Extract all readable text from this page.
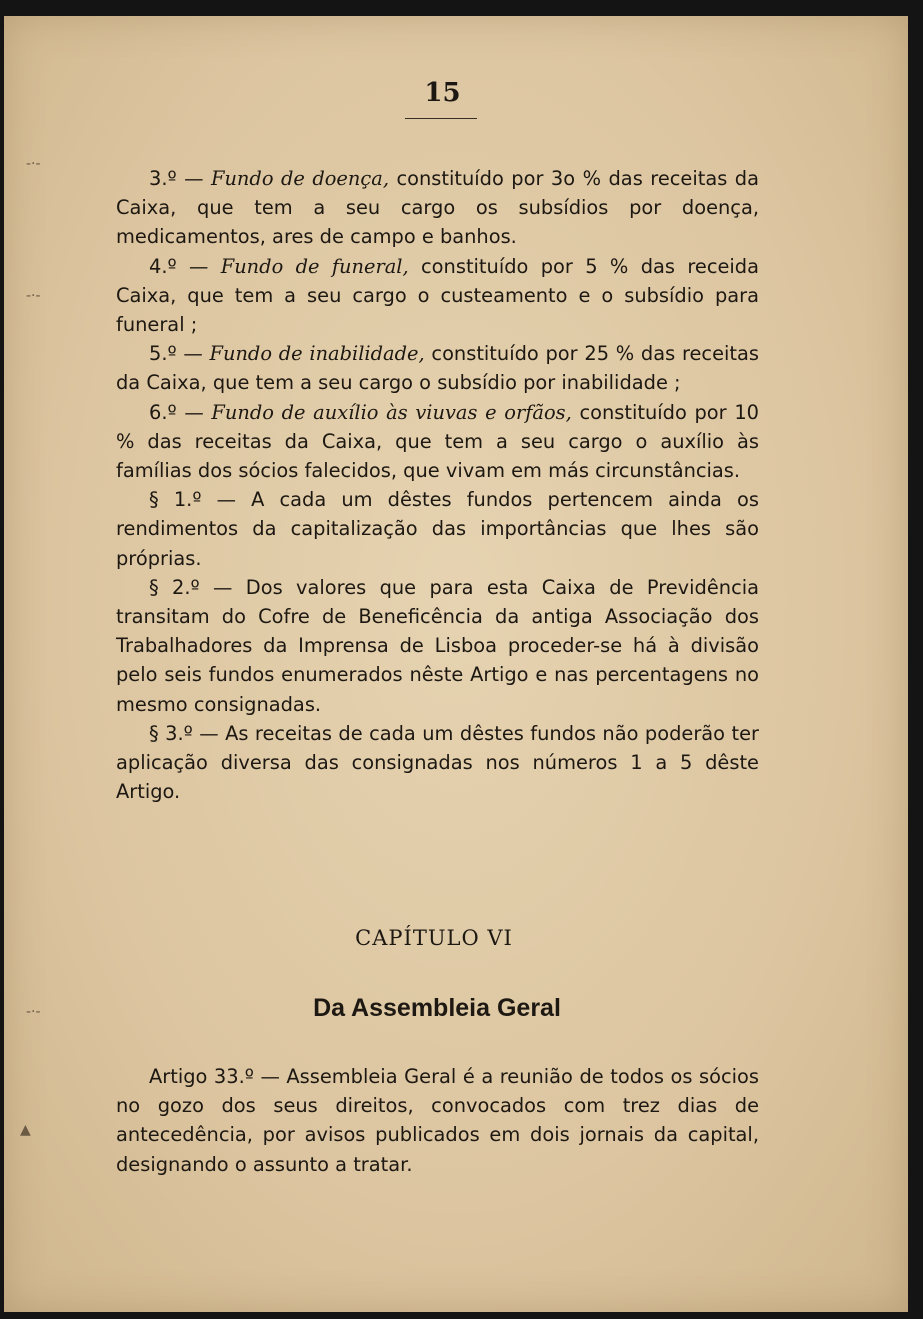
15

3.º — Fundo de doença, constituído por 3o % das receitas da Caixa, que tem a seu cargo os subsídios por doença, medicamentos, ares de campo e banhos.

4.º — Fundo de funeral, constituído por 5 % das receida Caixa, que tem a seu cargo o custeamento e o subsídio para funeral ;

5.º — Fundo de inabilidade, constituído por 25 % das receitas da Caixa, que tem a seu cargo o subsídio por inabilidade ;

6.º — Fundo de auxílio às viuvas e orfãos, constituído por 10 % das receitas da Caixa, que tem a seu cargo o auxílio às famílias dos sócios falecidos, que vivam em más circunstâncias.

§ 1.º — A cada um dêstes fundos pertencem ainda os rendimentos da capitalização das importâncias que lhes são próprias.

§ 2.º — Dos valores que para esta Caixa de Previdência transitam do Cofre de Beneficência da antiga Associação dos Trabalhadores da Imprensa de Lisboa proceder-se há à divisão pelo seis fundos enumerados nêste Artigo e nas percentagens no mesmo consignadas.

§ 3.º — As receitas de cada um dêstes fundos não poderão ter aplicação diversa das consignadas nos números 1 a 5 dêste Artigo.

CAPÍTULO VI
Da Assembleia Geral

Artigo 33.º — Assembleia Geral é a reunião de todos os sócios no gozo dos seus direitos, convocados com trez dias de antecedência, por avisos publicados em dois jornais da capital, designando o assunto a tratar.

-·-
-·-
-·-
▲
